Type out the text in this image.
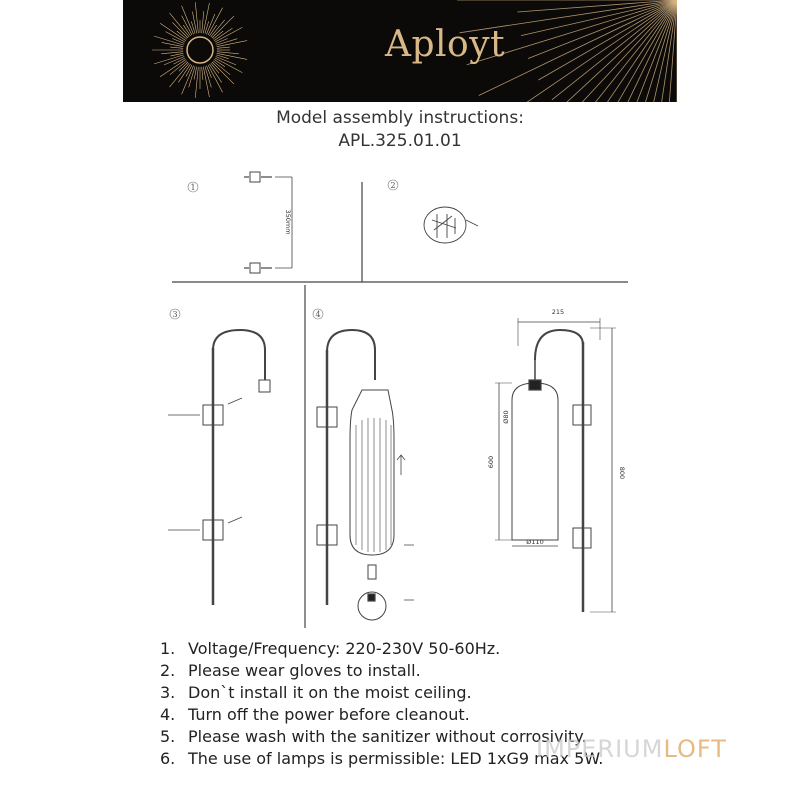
Aployt
Model assembly instructions:
APL.325.01.01
1	2
3	4
350mm
215
800
600
Ø80
Ø110
1. Voltage/Frequency: 220-230V 50-60Hz.
2. Please wear gloves to install.
3. Don`t install it on the moist ceiling.
4. Turn off the power before cleanout.
5. Please wash with the sanitizer without corrosivity.
6. The use of lamps is permissible: LED 1xG9 max 5W.
IMPERIUMLOFT
